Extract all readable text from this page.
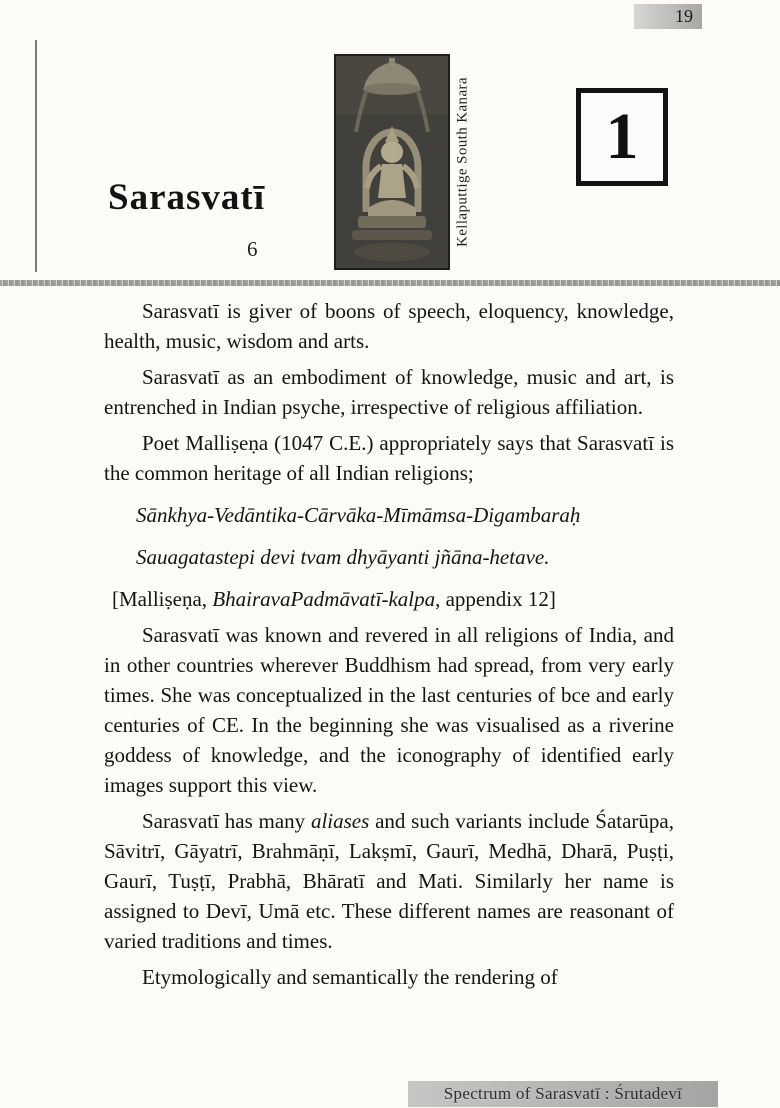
19
Sarasvatī
6
Kellaputtige South Kanara 1

Sarasvatī is giver of boons of speech, eloquency, knowledge, health, music, wisdom and arts.

Sarasvatī as an embodiment of knowledge, music and art, is entrenched in Indian psyche, irrespective of religious affiliation.

Poet Malliṣeṇa (1047 C.E.) appropriately says that Sarasvatī is the common heritage of all Indian religions;

Sānkhya-Vedāntika-Cārvāka-Mīmāmsa-Digambaraḥ

Sauagatastepi devi tvam dhyāyanti jñāna-hetave.

[Malliṣeṇa, BhairavaPadmāvatī-kalpa, appendix 12]

Sarasvatī was known and revered in all religions of India, and in other countries wherever Buddhism had spread, from very early times. She was conceptualized in the last centuries of bce and early centuries of CE. In the beginning she was visualised as a riverine goddess of knowledge, and the iconography of identified early images support this view.

Sarasvatī has many aliases and such variants include Śatarūpa, Sāvitrī, Gāyatrī, Brahmāṇī, Lakṣmī, Gaurī, Medhā, Dharā, Puṣṭi, Gaurī, Tuṣṭī, Prabhā, Bhāratī and Mati. Similarly her name is assigned to Devī, Umā etc. These different names are reasonant of varied traditions and times.

Etymologically and semantically the rendering of

Spectrum of Sarasvatī : Śrutadevī
